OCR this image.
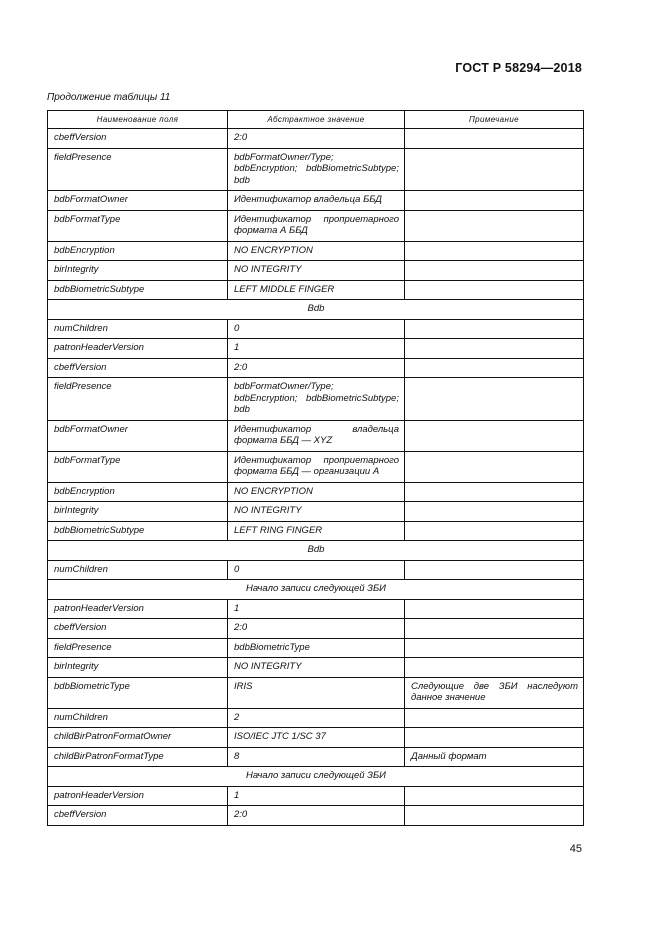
ГОСТ Р 58294—2018
Продолжение таблицы 11
Наименование поля	Абстрактное значение	Примечание
cbeffVersion	2:0	
fieldPresence	bdbFormatOwner/Type; bdbEncryption; bdbBiometricSubtype; bdb	
bdbFormatOwner	Идентификатор владельца ББД	
bdbFormatType	Идентификатор проприетарного формата А ББД	
bdbEncryption	NO ENCRYPTION	
birIntegrity	NO INTEGRITY	
bdbBiometricSubtype	LEFT MIDDLE FINGER	
Bdb		
numChildren	0	
patronHeaderVersion	1	
cbeffVersion	2:0	
fieldPresence	bdbFormatOwner/Type; bdbEncryption; bdbBiometricSubtype; bdb	
bdbFormatOwner	Идентификатор владельца формата ББД — XYZ	
bdbFormatType	Идентификатор проприетарного формата ББД — организации А	
bdbEncryption	NO ENCRYPTION	
birIntegrity	NO INTEGRITY	
bdbBiometricSubtype	LEFT RING FINGER	
Bdb		
numChildren	0	
Начало записи следующей ЗБИ		
patronHeaderVersion	1	
cbeffVersion	2:0	
fieldPresence	bdbBiometricType	
birIntegrity	NO INTEGRITY	
bdbBiometricType	IRIS	Следующие две ЗБИ наследуют данное значение
numChildren	2	
childBirPatronFormatOwner	ISO/IEC JTC 1/SC 37	
childBirPatronFormatType	8	Данный формат
Начало записи следующей ЗБИ		
patronHeaderVersion	1	
cbeffVersion	2:0	
45
